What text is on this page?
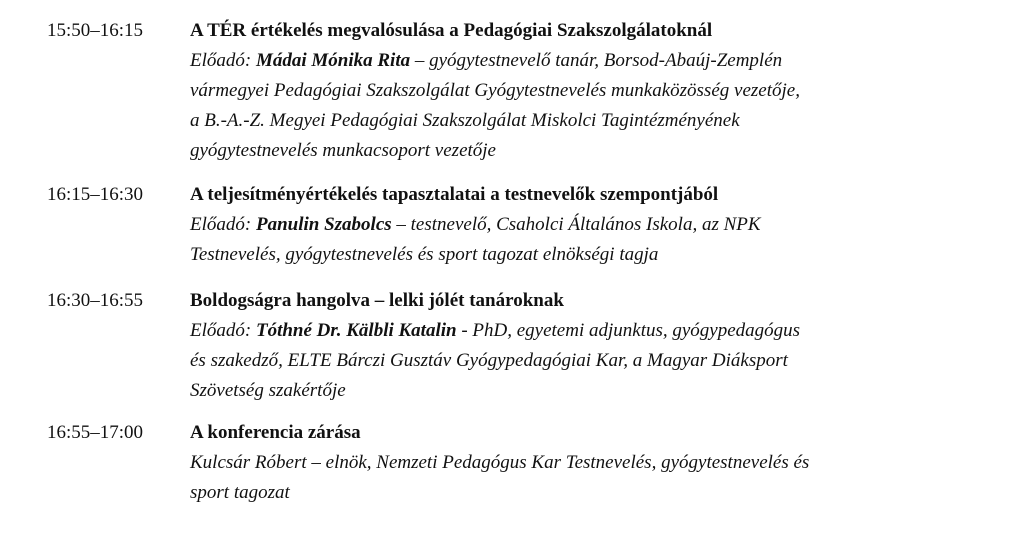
15:50–16:15 A TÉR értékelés megvalósulása a Pedagógiai Szakszolgálatoknál
Előadó: Mádai Mónika Rita – gyógytestnevelő tanár, Borsod-Abaúj-Zemplén
vármegyei Pedagógiai Szakszolgálat Gyógytestnevelés munkaközösség vezetője,
a B.-A.-Z. Megyei Pedagógiai Szakszolgálat Miskolci Tagintézményének
gyógytestnevelés munkacsoport vezetője
16:15–16:30 A teljesítményértékelés tapasztalatai a testnevelők szempontjából
Előadó: Panulin Szabolcs – testnevelő, Csaholci Általános Iskola, az NPK
Testnevelés, gyógytestnevelés és sport tagozat elnökségi tagja
16:30–16:55 Boldogságra hangolva – lelki jólét tanároknak
Előadó: Tóthné Dr. Kälbli Katalin - PhD, egyetemi adjunktus, gyógypedagógus
és szakedző, ELTE Bárczi Gusztáv Gyógypedagógiai Kar, a Magyar Diáksport
Szövetség szakértője
16:55–17:00 A konferencia zárása
Kulcsár Róbert – elnök, Nemzeti Pedagógus Kar Testnevelés, gyógytestnevelés és
sport tagozat
